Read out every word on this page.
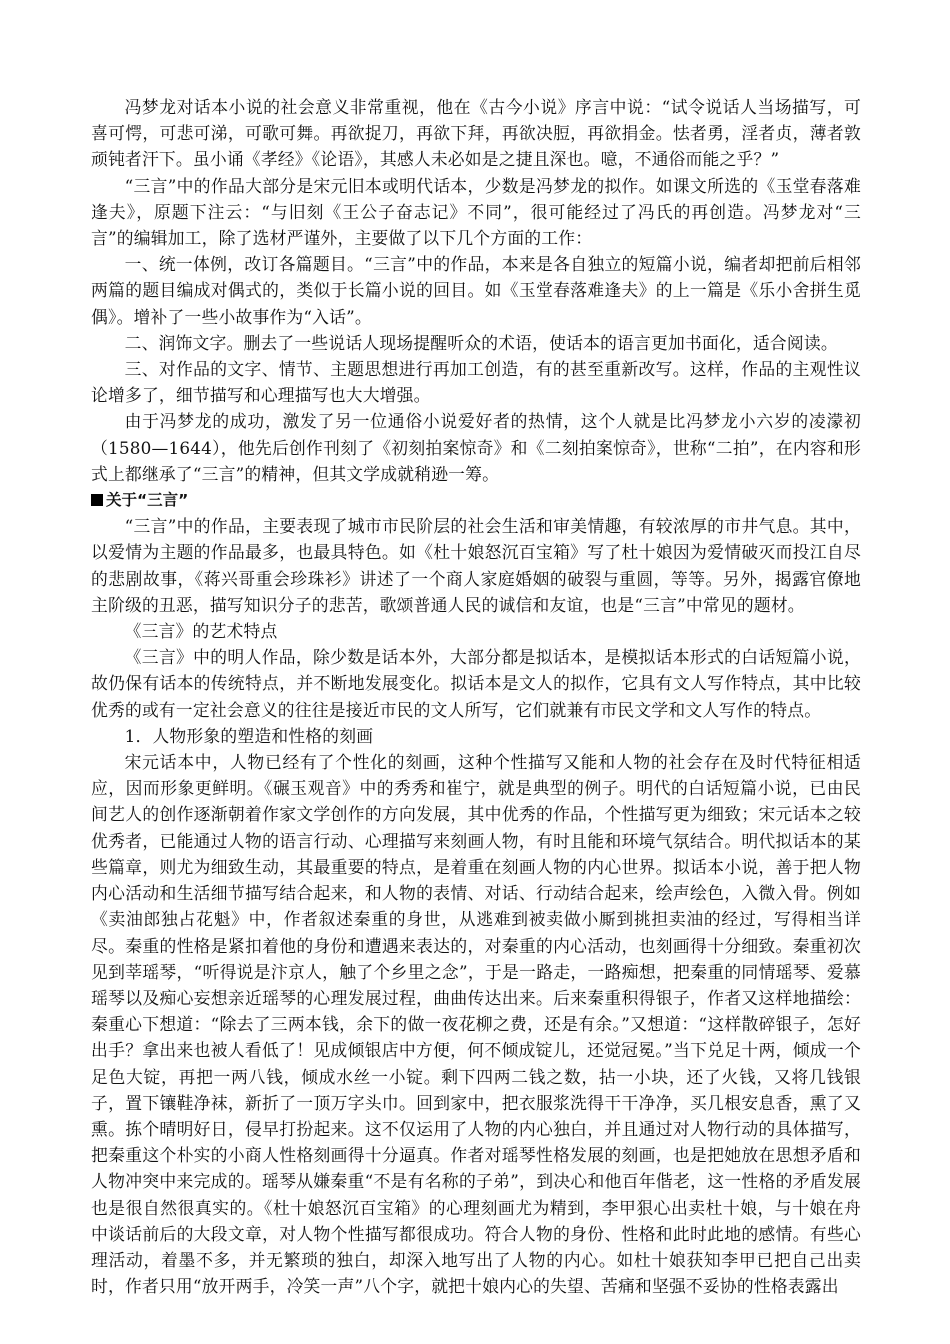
冯梦龙对话本小说的社会意义非常重视，他在《古今小说》序言中说：“试令说话人当场描写，可喜可愕，可悲可涕，可歌可舞。再欲捉刀，再欲下拜，再欲决脰，再欲捐金。怯者勇，淫者贞，薄者敦顽钝者汗下。虽小诵《孝经》《论语》，其感人未必如是之捷且深也。噫，不通俗而能之乎？”

“三言”中的作品大部分是宋元旧本或明代话本，少数是冯梦龙的拟作。如课文所选的《玉堂春落难逢夫》，原题下注云：“与旧刻《王公子奋志记》不同”，很可能经过了冯氏的再创造。冯梦龙对“三言”的编辑加工，除了选材严谨外，主要做了以下几个方面的工作：

一、统一体例，改订各篇题目。“三言”中的作品，本来是各自独立的短篇小说，编者却把前后相邻两篇的题目编成对偶式的，类似于长篇小说的回目。如《玉堂春落难逢夫》的上一篇是《乐小舍拼生觅偶》。增补了一些小故事作为“入话”。

二、润饰文字。删去了一些说话人现场提醒听众的术语，使话本的语言更加书面化，适合阅读。

三、对作品的文字、情节、主题思想进行再加工创造，有的甚至重新改写。这样，作品的主观性议论增多了，细节描写和心理描写也大大增强。

由于冯梦龙的成功，激发了另一位通俗小说爱好者的热情，这个人就是比冯梦龙小六岁的凌濛初（1580—1644），他先后创作刊刻了《初刻拍案惊奇》和《二刻拍案惊奇》，世称“二拍”，在内容和形式上都继承了“三言”的精神，但其文学成就稍逊一筹。

关于“三言”

“三言”中的作品，主要表现了城市市民阶层的社会生活和审美情趣，有较浓厚的市井气息。其中，以爱情为主题的作品最多，也最具特色。如《杜十娘怒沉百宝箱》写了杜十娘因为爱情破灭而投江自尽的悲剧故事，《蒋兴哥重会珍珠衫》讲述了一个商人家庭婚姻的破裂与重圆，等等。另外，揭露官僚地主阶级的丑恶，描写知识分子的悲苦，歌颂普通人民的诚信和友谊，也是“三言”中常见的题材。

《三言》的艺术特点

《三言》中的明人作品，除少数是话本外，大部分都是拟话本，是模拟话本形式的白话短篇小说，故仍保有话本的传统特点，并不断地发展变化。拟话本是文人的拟作，它具有文人写作特点，其中比较优秀的或有一定社会意义的往往是接近市民的文人所写，它们就兼有市民文学和文人写作的特点。

1．人物形象的塑造和性格的刻画

宋元话本中，人物已经有了个性化的刻画，这种个性描写又能和人物的社会存在及时代特征相适应，因而形象更鲜明。《碾玉观音》中的秀秀和崔宁，就是典型的例子。明代的白话短篇小说，已由民间艺人的创作逐渐朝着作家文学创作的方向发展，其中优秀的作品，个性描写更为细致；宋元话本之较优秀者，已能通过人物的语言行动、心理描写来刻画人物，有时且能和环境气氛结合。明代拟话本的某些篇章，则尤为细致生动，其最重要的特点，是着重在刻画人物的内心世界。拟话本小说，善于把人物内心活动和生活细节描写结合起来，和人物的表情、对话、行动结合起来，绘声绘色，入微入骨。例如《卖油郎独占花魁》中，作者叙述秦重的身世，从逃难到被卖做小厮到挑担卖油的经过，写得相当详尽。秦重的性格是紧扣着他的身份和遭遇来表达的，对秦重的内心活动，也刻画得十分细致。秦重初次见到莘瑶琴，“听得说是汴京人，触了个乡里之念”，于是一路走，一路痴想，把秦重的同情瑶琴、爱慕瑶琴以及痴心妄想亲近瑶琴的心理发展过程，曲曲传达出来。后来秦重积得银子，作者又这样地描绘：秦重心下想道：“除去了三两本钱，余下的做一夜花柳之费，还是有余。”又想道：“这样散碎银子，怎好出手？拿出来也被人看低了！见成倾银店中方便，何不倾成锭儿，还觉冠冕。”当下兑足十两，倾成一个足色大锭，再把一两八钱，倾成水丝一小锭。剩下四两二钱之数，拈一小块，还了火钱，又将几钱银子，置下镶鞋净袜，新折了一顶万字头巾。回到家中，把衣服浆洗得干干净净，买几根安息香，熏了又熏。拣个晴明好日，侵早打扮起来。这不仅运用了人物的内心独白，并且通过对人物行动的具体描写，把秦重这个朴实的小商人性格刻画得十分逼真。作者对瑶琴性格发展的刻画，也是把她放在思想矛盾和人物冲突中来完成的。瑶琴从嫌秦重“不是有名称的子弟”，到决心和他百年偕老，这一性格的矛盾发展也是很自然很真实的。《杜十娘怒沉百宝箱》的心理刻画尤为精到，李甲狠心出卖杜十娘，与十娘在舟中谈话前后的大段文章，对人物个性描写都很成功。符合人物的身份、性格和此时此地的感情。有些心理活动，着墨不多，并无繁琐的独白，却深入地写出了人物的内心。如杜十娘获知李甲已把自己出卖时，作者只用“放开两手，冷笑一声”八个字，就把十娘内心的失望、苦痛和坚强不妥协的性格表露出
